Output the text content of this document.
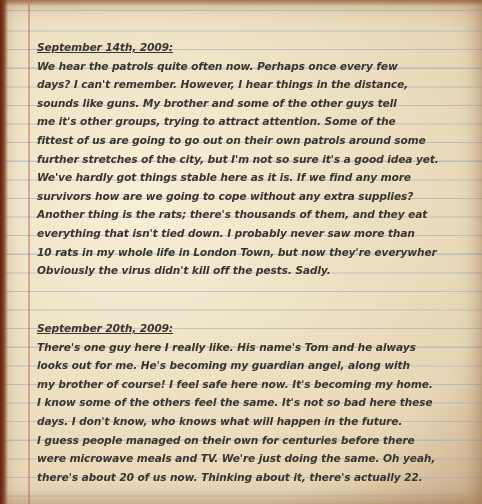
September 14th, 2009:
We hear the patrols quite often now. Perhaps once every few
days? I can't remember. However, I hear things in the distance,
sounds like guns. My brother and some of the other guys tell
me it's other groups, trying to attract attention. Some of the
fittest of us are going to go out on their own patrols around some
further stretches of the city, but I'm not so sure it's a good idea yet.
We've hardly got things stable here as it is. If we find any more
survivors how are we going to cope without any extra supplies?
Another thing is the rats; there's thousands of them, and they eat
everything that isn't tied down. I probably never saw more than
10 rats in my whole life in London Town, but now they're everywher
Obviously the virus didn't kill off the pests. Sadly.
September 20th, 2009:
There's one guy here I really like. His name's Tom and he always
looks out for me. He's becoming my guardian angel, along with
my brother of course! I feel safe here now. It's becoming my home.
I know some of the others feel the same. It's not so bad here these
days. I don't know, who knows what will happen in the future.
I guess people managed on their own for centuries before there
were microwave meals and TV. We're just doing the same. Oh yeah,
there's about 20 of us now. Thinking about it, there's actually 22.
